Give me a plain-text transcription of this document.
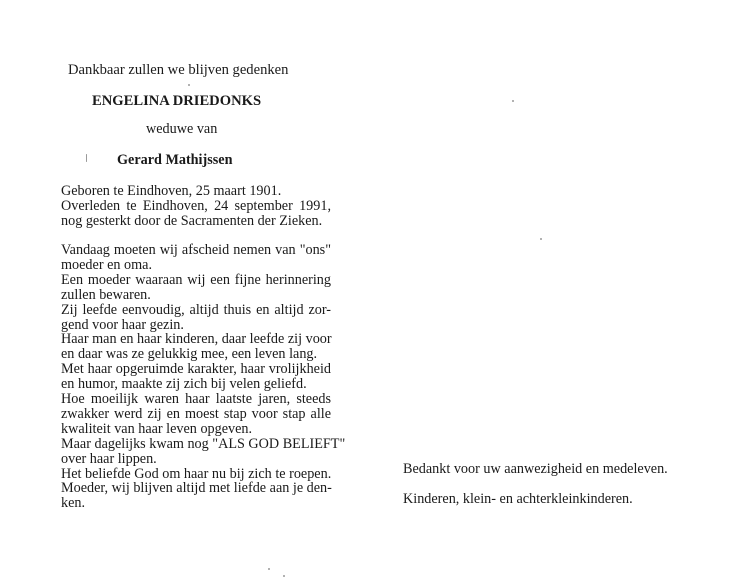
Dankbaar zullen we blijven gedenken
ENGELINA DRIEDONKS
weduwe van
Gerard Mathijssen
Geboren te Eindhoven, 25 maart 1901.
Overleden te Eindhoven, 24 september 1991,
nog gesterkt door de Sacramenten der Zieken.
Vandaag moeten wij afscheid nemen van "ons"
moeder en oma.
Een moeder waaraan wij een fijne herinnering
zullen bewaren.
Zij leefde eenvoudig, altijd thuis en altijd zor-
gend voor haar gezin.
Haar man en haar kinderen, daar leefde zij voor
en daar was ze gelukkig mee, een leven lang.
Met haar opgeruimde karakter, haar vrolijkheid
en humor, maakte zij zich bij velen geliefd.
Hoe moeilijk waren haar laatste jaren, steeds
zwakker werd zij en moest stap voor stap alle
kwaliteit van haar leven opgeven.
Maar dagelijks kwam nog "ALS GOD BELIEFT"
over haar lippen.
Het beliefde God om haar nu bij zich te roepen.
Moeder, wij blijven altijd met liefde aan je den-
ken.
Bedankt voor uw aanwezigheid en medeleven.
Kinderen, klein- en achterkleinkinderen.
